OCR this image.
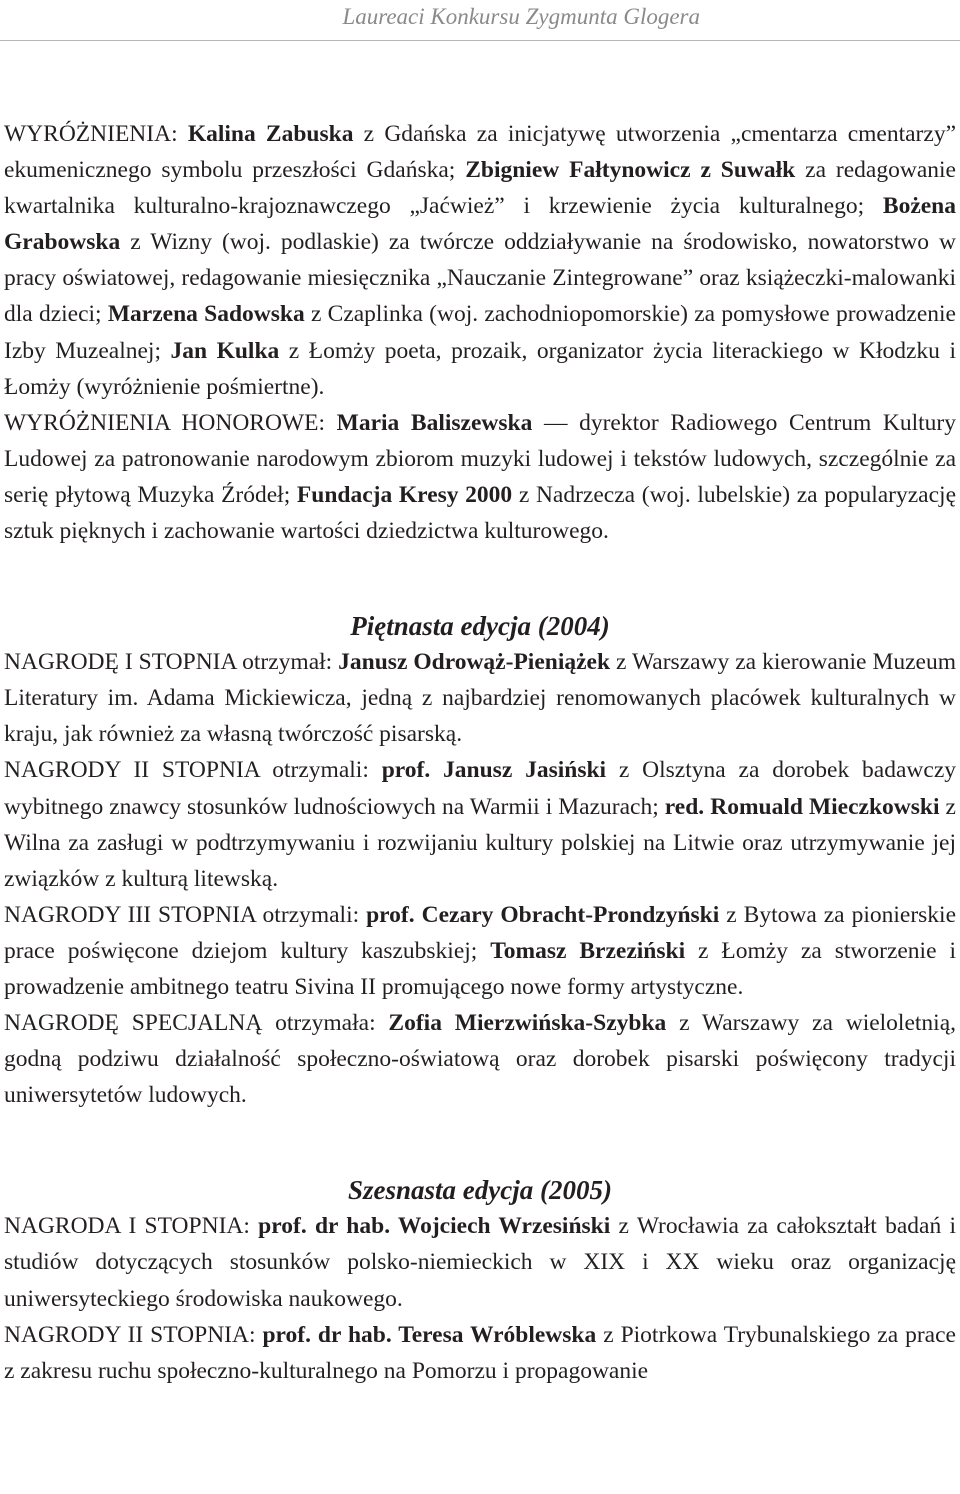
Laureaci Konkursu Zygmunta Glogera

WYRÓŻNIENIA: Kalina Zabuska z Gdańska za inicjatywę utworzenia „cmentarza cmentarzy” ekumenicznego symbolu przeszłości Gdańska; Zbigniew Fałtynowicz z Suwałk za redagowanie kwartalnika kulturalno-krajoznawczego „Jaćwież” i krzewienie życia kulturalnego; Bożena Grabowska z Wizny (woj. podlaskie) za twórcze oddziaływanie na środowisko, nowatorstwo w pracy oświatowej, redagowanie miesięcznika „Nauczanie Zintegrowane” oraz książeczki-malowanki dla dzieci; Marzena Sadowska z Czaplinka (woj. zachodniopomorskie) za pomysłowe prowadzenie Izby Muzealnej; Jan Kulka z Łomży poeta, prozaik, organizator życia literackiego w Kłodzku i Łomży (wyróżnienie pośmiertne).

WYRÓŻNIENIA HONOROWE: Maria Baliszewska — dyrektor Radiowego Centrum Kultury Ludowej za patronowanie narodowym zbiorom muzyki ludowej i tekstów ludowych, szczególnie za serię płytową Muzyka Źródeł; Fundacja Kresy 2000 z Nadrzecza (woj. lubelskie) za popularyzację sztuk pięknych i zachowanie wartości dziedzictwa kulturowego.

Piętnasta edycja (2004)

NAGRODĘ I STOPNIA otrzymał: Janusz Odrowąż-Pieniążek z Warszawy za kierowanie Muzeum Literatury im. Adama Mickiewicza, jedną z najbardziej renomowanych placówek kulturalnych w kraju, jak również za własną twórczość pisarską.

NAGRODY II STOPNIA otrzymali: prof. Janusz Jasiński z Olsztyna za dorobek badawczy wybitnego znawcy stosunków ludnościowych na Warmii i Mazurach; red. Romuald Mieczkowski z Wilna za zasługi w podtrzymywaniu i rozwijaniu kultury polskiej na Litwie oraz utrzymywanie jej związków z kulturą litewską.

NAGRODY III STOPNIA otrzymali: prof. Cezary Obracht-Prondzyński z Bytowa za pionierskie prace poświęcone dziejom kultury kaszubskiej; Tomasz Brzeziński z Łomży za stworzenie i prowadzenie ambitnego teatru Sivina II promującego nowe formy artystyczne.

NAGRODĘ SPECJALNĄ otrzymała: Zofia Mierzwińska-Szybka z Warszawy za wieloletnią, godną podziwu działalność społeczno-oświatową oraz dorobek pisarski poświęcony tradycji uniwersytetów ludowych.

Szesnasta edycja (2005)

NAGRODA I STOPNIA: prof. dr hab. Wojciech Wrzesiński z Wrocławia za całokształt badań i studiów dotyczących stosunków polsko-niemieckich w XIX i XX wieku oraz organizację uniwersyteckiego środowiska naukowego.

NAGRODY II STOPNIA: prof. dr hab. Teresa Wróblewska z Piotrkowa Trybunalskiego za prace z zakresu ruchu społeczno-kulturalnego na Pomorzu i propagowanie
